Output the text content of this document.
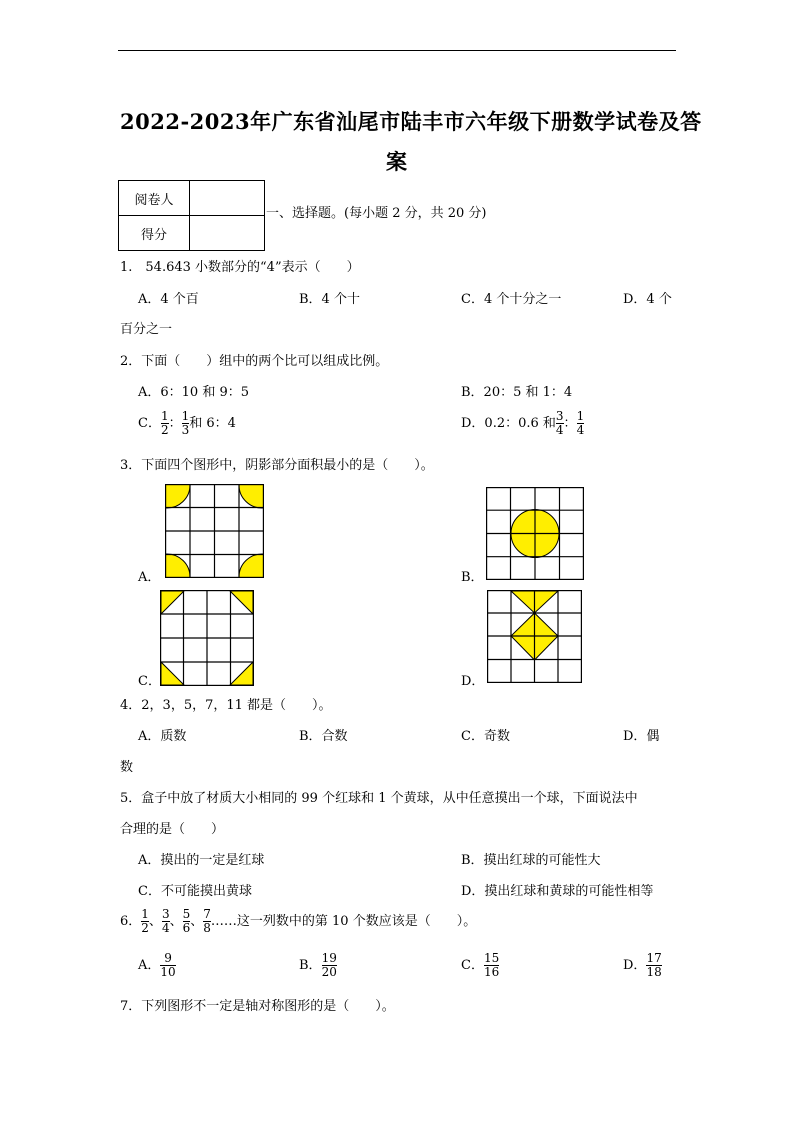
2022-2023年广东省汕尾市陆丰市六年级下册数学试卷及答
案
阅卷人	
得分	
一、选择题。(每小题 2 分，共 20 分)
1.　54.643 小数部分的“4”表示（　　）
A．4 个百	B．4 个十	C．4 个十分之一	D．4 个
百分之一
2．下面（　　）组中的两个比可以组成比例。
A．6：10 和 9：5	B．20：5 和 1：4
C． $\frac{1}{2}$ ： $\frac{1}{3}$ 和 6：4	D．0.2：0.6 和 $\frac{3}{4}$ ： $\frac{1}{4}$
3．下面四个图形中，阴影部分面积最小的是（　　）。
A．	B．
C．	D．
4．2，3，5，7，11 都是（　　）。
A．质数	B．合数	C．奇数	D．偶
数
5．盒子中放了材质大小相同的 99 个红球和 1 个黄球，从中任意摸出一个球，下面说法中
合理的是（　　）
A．摸出的一定是红球	B．摸出红球的可能性大
C．不可能摸出黄球	D．摸出红球和黄球的可能性相等
6． $\frac{1}{2}$ 、 $\frac{3}{4}$ 、 $\frac{5}{6}$ 、 $\frac{7}{8}$ ……这一列数中的第 10 个数应该是（　　）。
A． $\frac{9}{10}$	B． $\frac{19}{20}$	C． $\frac{15}{16}$	D． $\frac{17}{18}$
7．下列图形不一定是轴对称图形的是（　　）。
